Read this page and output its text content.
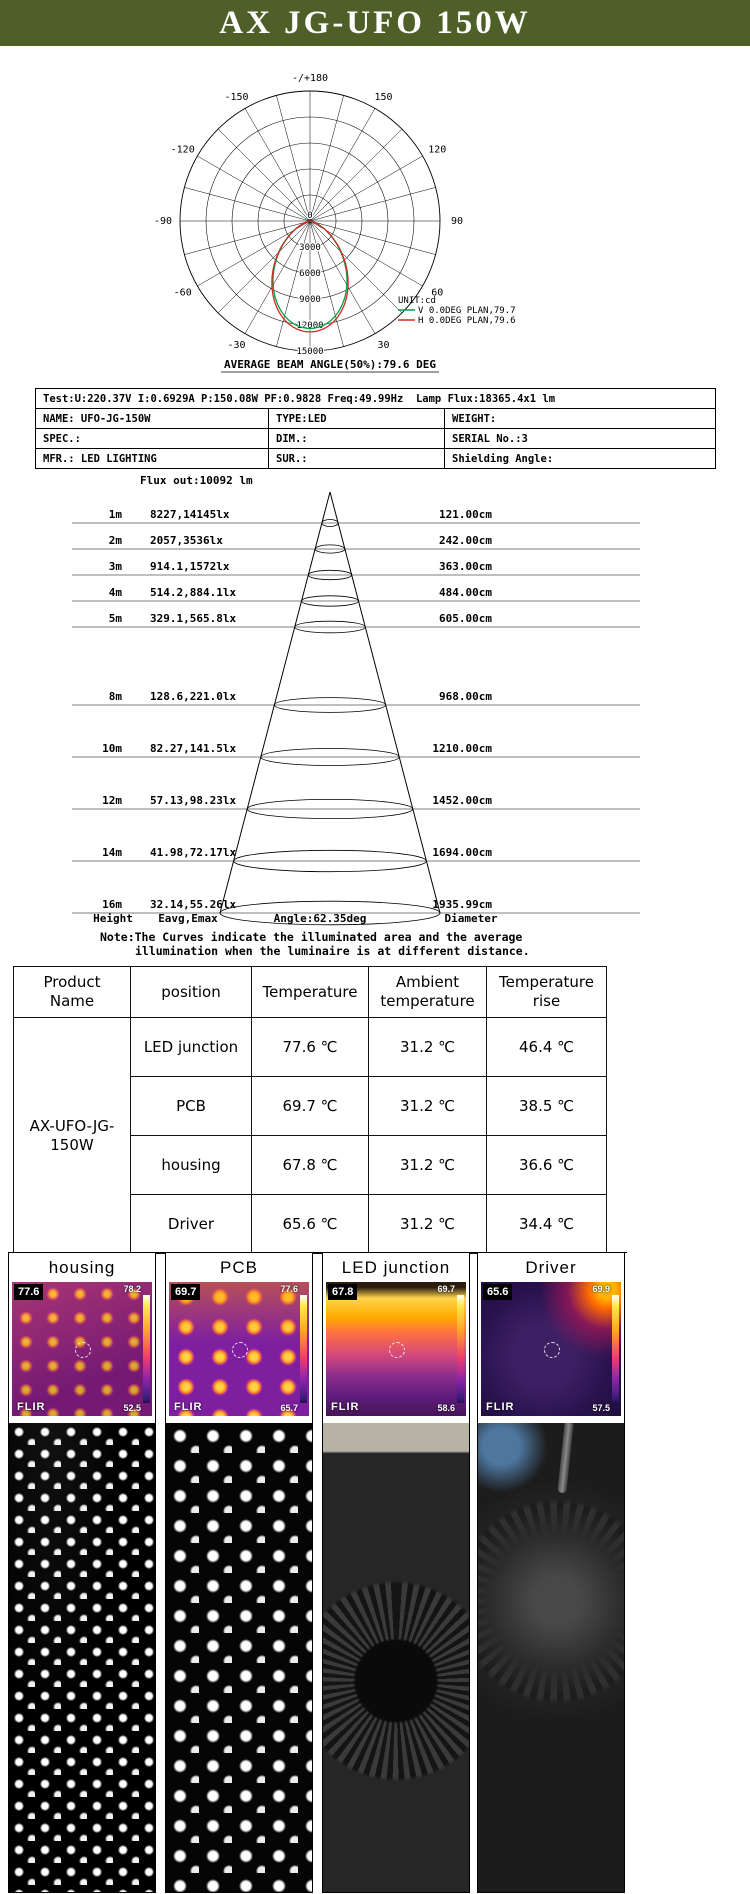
AX JG-UFO 150W
-/+180
150
120
90
60
30
-30
-60
-90
-120
-150
3000
6000
9000
12000
15000
0
UNIT:cd
V 0.0DEG PLAN,79.7
H 0.0DEG PLAN,79.6
AVERAGE BEAM ANGLE(50%):79.6 DEG
Test:U:220.37V I:0.6929A P:150.08W PF:0.9828 Freq:49.99Hz  Lamp Flux:18365.4x1 lm		
NAME: UFO-JG-150W	TYPE:LED	WEIGHT:
SPEC.:	DIM.:	SERIAL No.:3
MFR.: LED LIGHTING	SUR.:	Shielding Angle:
Flux out:10092 lm
1m	8227,14145lx	121.00cm
2m	2057,3536lx	242.00cm
3m	914.1,1572lx	363.00cm
4m	514.2,884.1lx	484.00cm
5m	329.1,565.8lx	605.00cm
8m	128.6,221.0lx	968.00cm
10m	82.27,141.5lx	1210.00cm
12m	57.13,98.23lx	1452.00cm
14m	41.98,72.17lx	1694.00cm
16m	32.14,55.26lx	1935.99cm
Height Eavg,Emax	Angle:62.35deg	Diameter
Note:The Curves indicate the illuminated area and the average
illumination when the luminaire is at different distance.
Product Name	position	Temperature	Ambient temperature	Temperature rise
AX-UFO-JG-150W	LED junction	77.6 ℃	31.2 ℃	46.4 ℃
	PCB	69.7 ℃	31.2 ℃	38.5 ℃
	housing	67.8 ℃	31.2 ℃	36.6 ℃
	Driver	65.6 ℃	31.2 ℃	34.4 ℃
housing
77.6	78.2
52.5
FLIR
PCB
69.7	77.6
65.7
FLIR
LED junction
67.8	69.7
58.6
FLIR
Driver
65.6	69.9
57.5
FLIR
